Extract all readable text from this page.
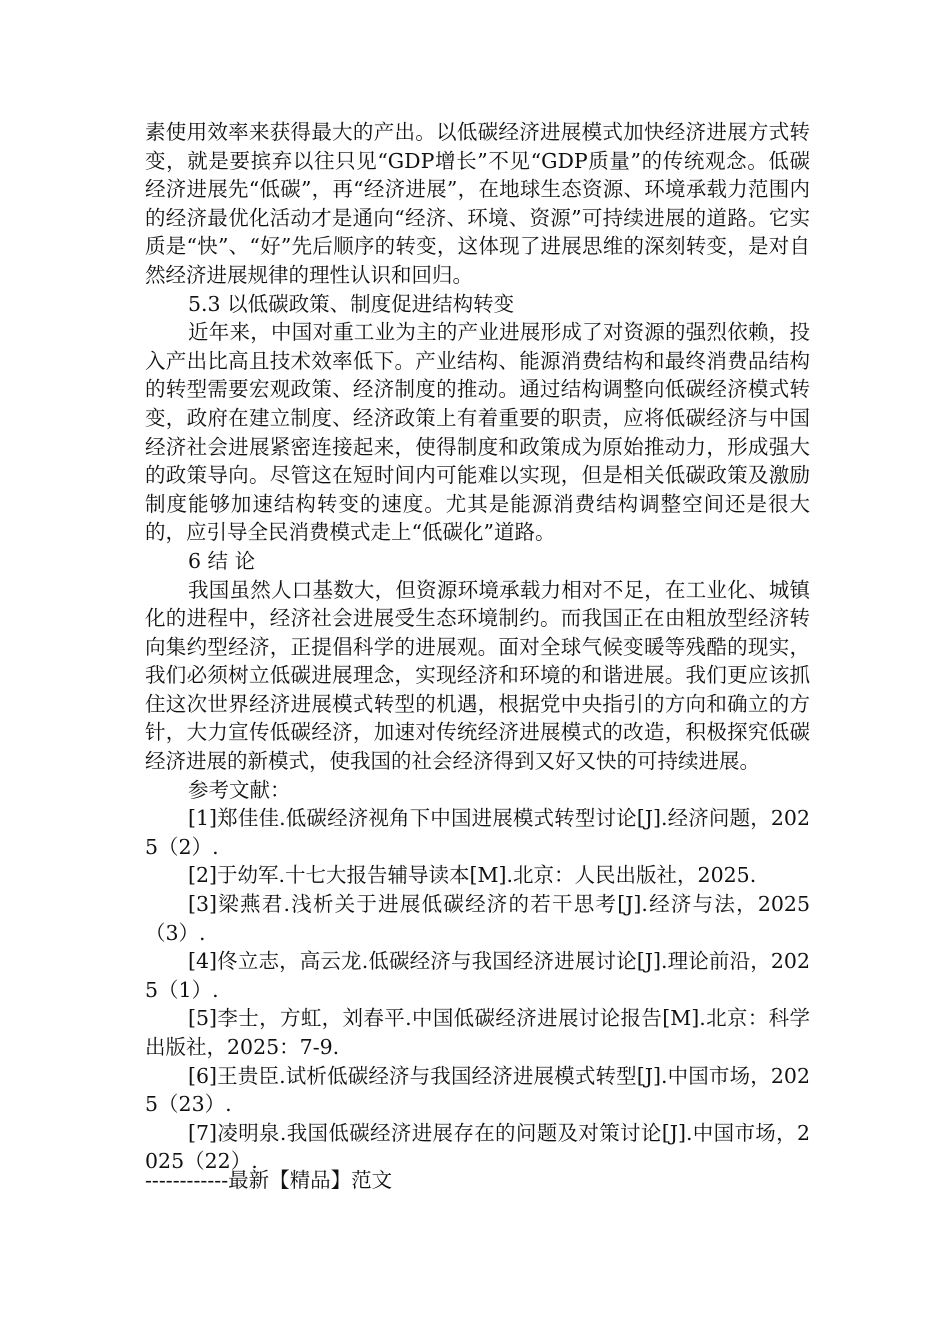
素使用效率来获得最大的产出。以低碳经济进展模式加快经济进展方式转变，就是要摈弃以往只见“GDP增长”不见“GDP质量”的传统观念。低碳经济进展先“低碳”，再“经济进展”，在地球生态资源、环境承载力范围内的经济最优化活动才是通向“经济、环境、资源”可持续进展的道路。它实质是“快”、“好”先后顺序的转变，这体现了进展思维的深刻转变，是对自然经济进展规律的理性认识和回归。

5.3 以低碳政策、制度促进结构转变

近年来，中国对重工业为主的产业进展形成了对资源的强烈依赖，投入产出比高且技术效率低下。产业结构、能源消费结构和最终消费品结构的转型需要宏观政策、经济制度的推动。通过结构调整向低碳经济模式转变，政府在建立制度、经济政策上有着重要的职责，应将低碳经济与中国经济社会进展紧密连接起来，使得制度和政策成为原始推动力，形成强大的政策导向。尽管这在短时间内可能难以实现，但是相关低碳政策及激励制度能够加速结构转变的速度。尤其是能源消费结构调整空间还是很大的，应引导全民消费模式走上“低碳化”道路。

6 结 论

我国虽然人口基数大，但资源环境承载力相对不足，在工业化、城镇化的进程中，经济社会进展受生态环境制约。而我国正在由粗放型经济转向集约型经济，正提倡科学的进展观。面对全球气候变暖等残酷的现实，我们必须树立低碳进展理念，实现经济和环境的和谐进展。我们更应该抓住这次世界经济进展模式转型的机遇，根据党中央指引的方向和确立的方针，大力宣传低碳经济，加速对传统经济进展模式的改造，积极探究低碳经济进展的新模式，使我国的社会经济得到又好又快的可持续进展。

参考文献：

[1]郑佳佳.低碳经济视角下中国进展模式转型讨论[J].经济问题，2025（2）.

[2]于幼军.十七大报告辅导读本[M].北京：人民出版社，2025.

[3]梁燕君.浅析关于进展低碳经济的若干思考[J].经济与法，2025（3）.

[4]佟立志，高云龙.低碳经济与我国经济进展讨论[J].理论前沿，2025（1）.

[5]李士，方虹，刘春平.中国低碳经济进展讨论报告[M].北京：科学出版社，2025：7-9.

[6]王贵臣.试析低碳经济与我国经济进展模式转型[J].中国市场，2025（23）.

[7]凌明泉.我国低碳经济进展存在的问题及对策讨论[J].中国市场，2025（22）.

------------最新【精品】范文
